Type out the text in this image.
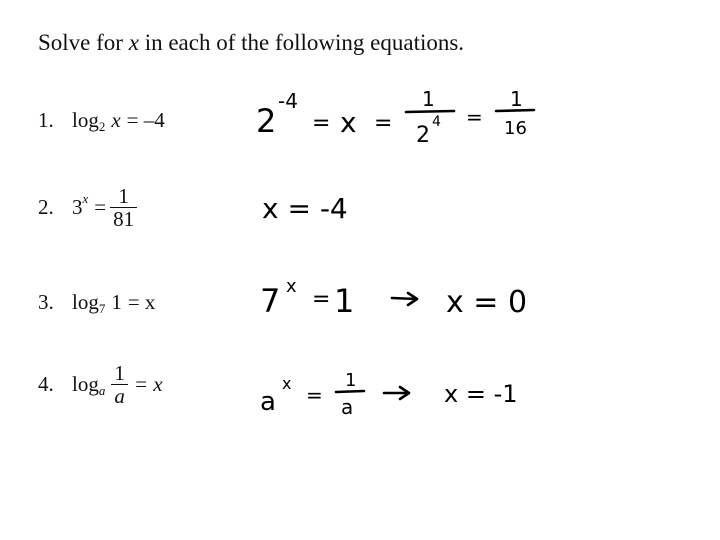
Solve for x in each of the following equations.
1. log 2 x = –4
2. 3 $x = \frac{1}{81}$
3. log 7 1 = x
4. log a $\frac{1}{a} = x$
2
-4
= x =
1
2
4 =
1
16
x = -4
7 x
= 1	x = 0
a
x =
1
a	x = -1
